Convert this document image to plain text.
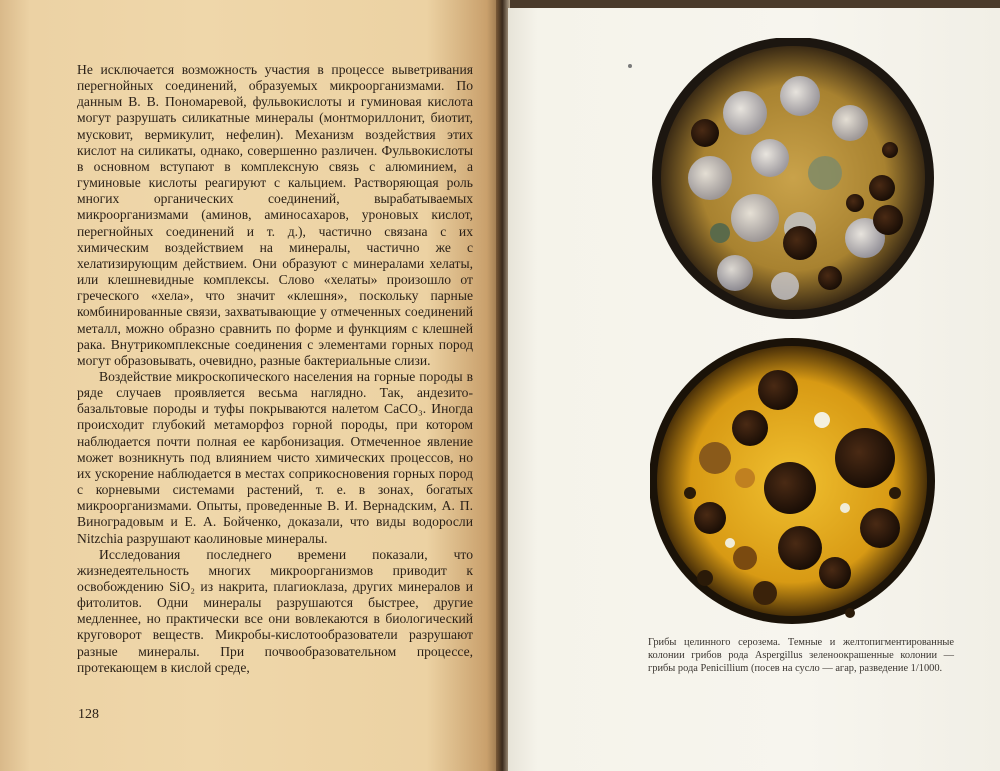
Не исключается возможность участия в процессе выветривания перегнойных соединений, образуемых микроорганизмами. По данным В. В. Пономаревой, фульвокислоты и гуминовая кислота могут разрушать силикатные минералы (монтмориллонит, биотит, мусковит, вермикулит, нефелин). Механизм воздействия этих кислот на силикаты, однако, совершенно различен. Фульвокислоты в основном вступают в комплексную связь с алюминием, а гуминовые кислоты реагируют с кальцием. Растворяющая роль многих органических соединений, вырабатываемых микроорганизмами (аминов, аминосахаров, уроновых кислот, перегнойных соединений и т. д.), частично связана с их химическим воздействием на минералы, частично же с хелатизирующим действием. Они образуют с минералами хелаты, или клешневидные комплексы. Слово «хелаты» произошло от греческого «хела», что значит «клешня», поскольку парные комбинированные связи, захватывающие у отмеченных соединений металл, можно образно сравнить по форме и функциям с клешней рака. Внутрикомплексные соединения с элементами горных пород могут образовывать, очевидно, разные бактериальные слизи.

Воздействие микроскопического населения на горные породы в ряде случаев проявляется весьма наглядно. Так, андезито-базальтовые породы и туфы покрываются налетом CaCO₃. Иногда происходит глубокий метаморфоз горной породы, при котором наблюдается почти полная ее карбонизация. Отмеченное явление может возникнуть под влиянием чисто химических процессов, но их ускорение наблюдается в местах соприкосновения горных пород с корневыми системами растений, т. е. в зонах, богатых микроорганизмами. Опыты, проведенные В. И. Вернадским, А. П. Виноградовым и Е. А. Бойченко, доказали, что виды водоросли Nitzchia разрушают каолиновые минералы.

Исследования последнего времени показали, что жизнедеятельность многих микроорганизмов приводит к освобождению SiO₂ из накрита, плагиоклаза, других минералов и фитолитов. Одни минералы разрушаются быстрее, другие медленнее, но практически все они вовлекаются в биологический круговорот веществ. Микробы-кислотообразователи разрушают разные минералы. При почвообразовательном процессе, протекающем в кислой среде,

128
Грибы целинного серозема. Темные и желтопигментированные колонии грибов рода Aspergillus зеленоокрашенные колонии — грибы рода Penicillium (посев на сусло — агар, разведение 1/1000.
